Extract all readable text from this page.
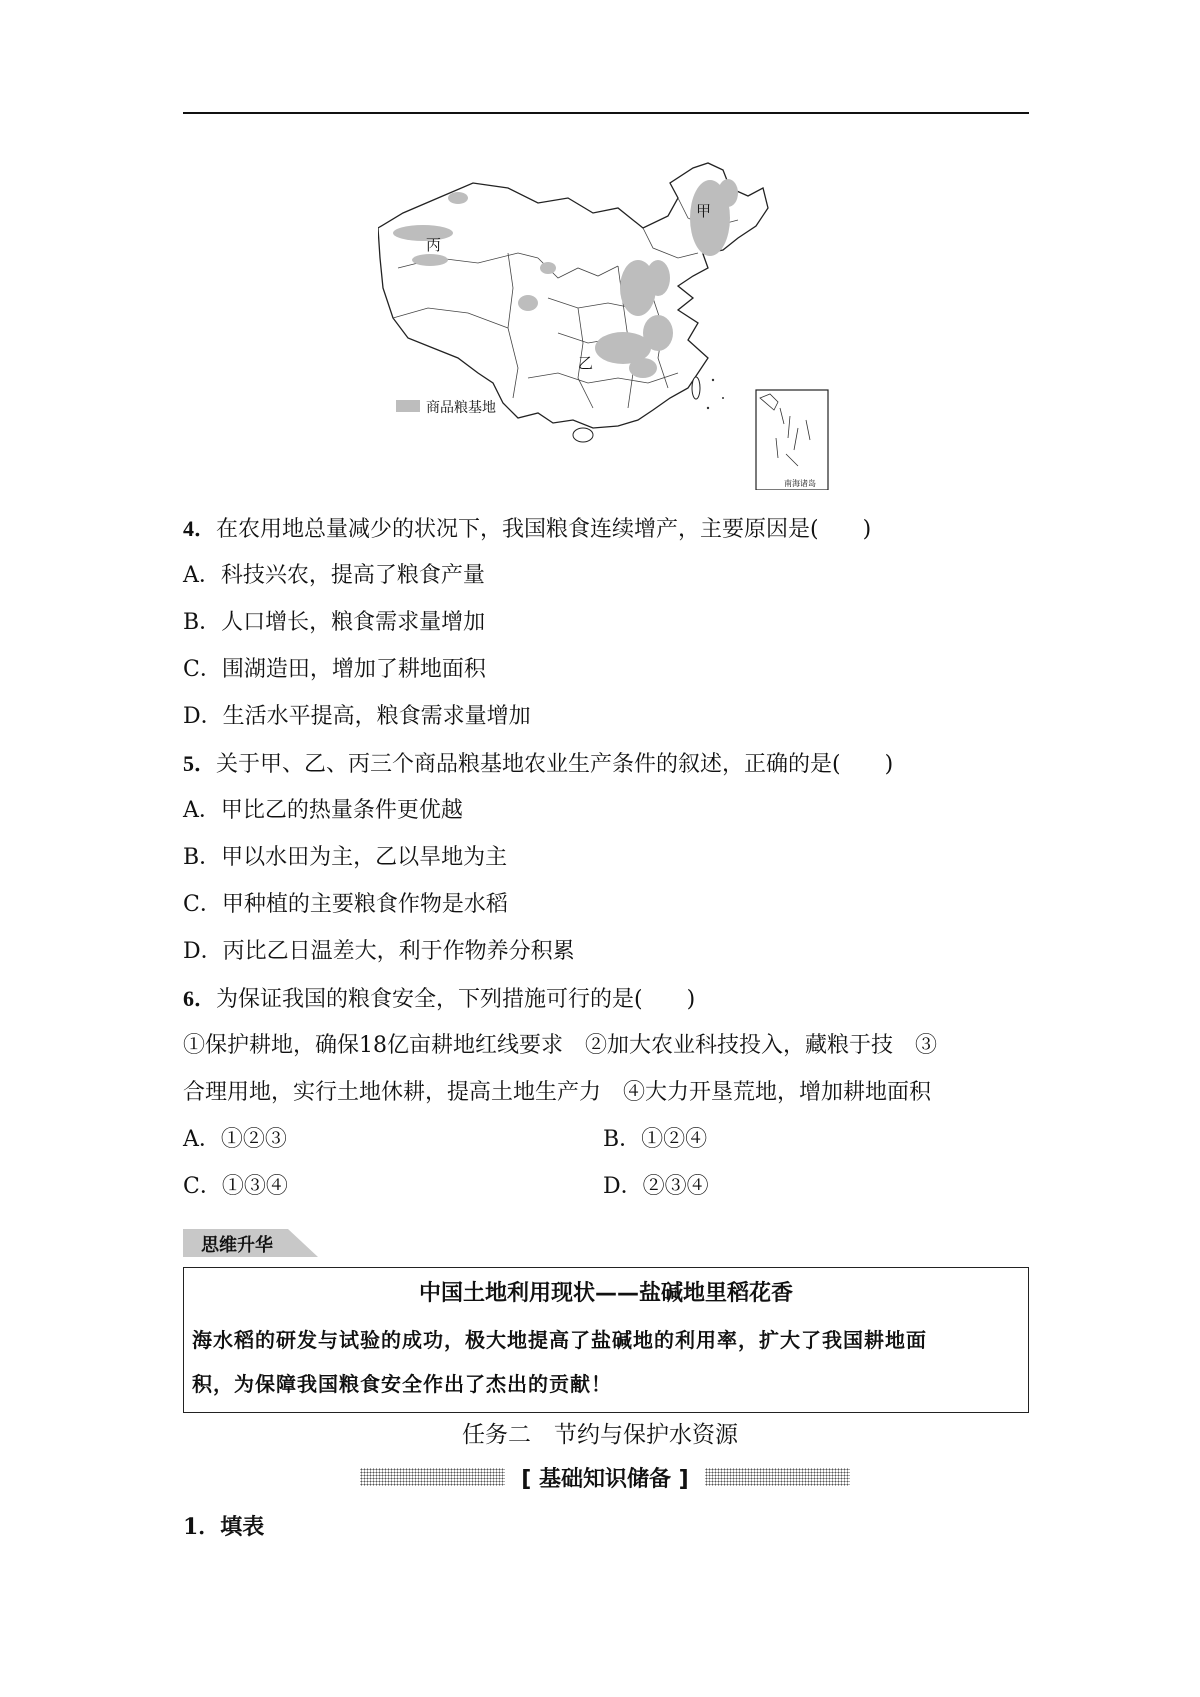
甲
乙
丙
商品粮基地
南海诸岛
4．在农用地总量减少的状况下，我国粮食连续增产，主要原因是(　　)
A．科技兴农，提高了粮食产量
B．人口增长，粮食需求量增加
C．围湖造田，增加了耕地面积
D．生活水平提高，粮食需求量增加
5．关于甲、乙、丙三个商品粮基地农业生产条件的叙述，正确的是(　　)
A．甲比乙的热量条件更优越
B．甲以水田为主，乙以旱地为主
C．甲种植的主要粮食作物是水稻
D．丙比乙日温差大，利于作物养分积累
6．为保证我国的粮食安全，下列措施可行的是(　　)
①保护耕地，确保18亿亩耕地红线要求　②加大农业科技投入，藏粮于技　③
合理用地，实行土地休耕，提高土地生产力　④大力开垦荒地，增加耕地面积
A．①②③	B．①②④
C．①③④	D．②③④
思维升华
中国土地利用现状——盐碱地里稻花香
海水稻的研发与试验的成功，极大地提高了盐碱地的利用率，扩大了我国耕地面
积，为保障我国粮食安全作出了杰出的贡献！
任务二　节约与保护水资源
[ 基础知识储备 ]
1．填表
